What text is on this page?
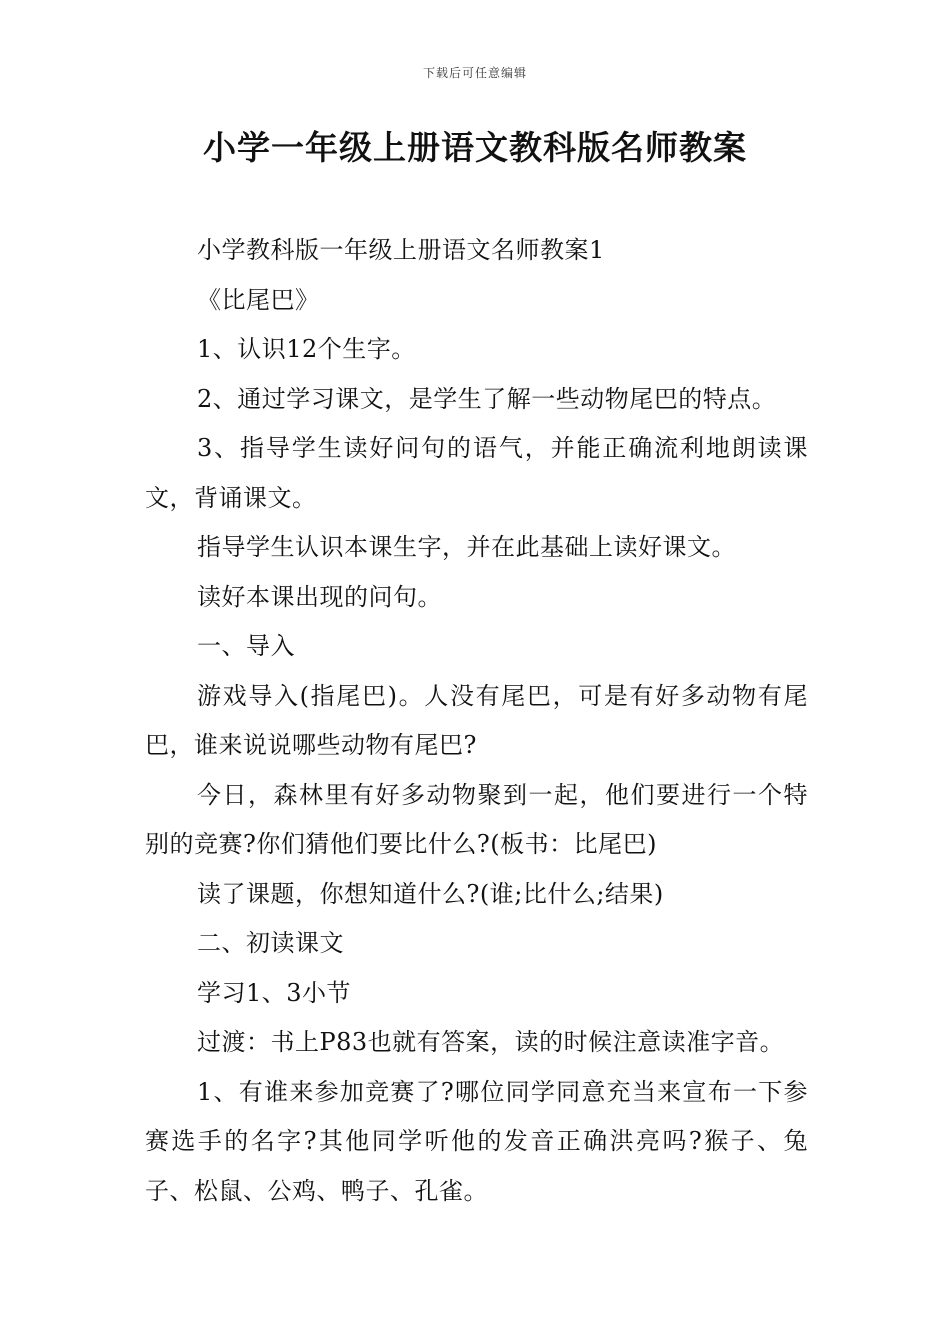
下载后可任意编辑
小学一年级上册语文教科版名师教案

小学教科版一年级上册语文名师教案1

《比尾巴》

1、认识12个生字。

2、通过学习课文，是学生了解一些动物尾巴的特点。

3、指导学生读好问句的语气，并能正确流利地朗读课文，背诵课文。

指导学生认识本课生字，并在此基础上读好课文。

读好本课出现的问句。

一、导入

游戏导入(指尾巴)。人没有尾巴，可是有好多动物有尾巴，谁来说说哪些动物有尾巴?

今日，森林里有好多动物聚到一起，他们要进行一个特别的竞赛?你们猜他们要比什么?(板书：比尾巴)

读了课题，你想知道什么?(谁;比什么;结果)

二、初读课文

学习1、3小节

过渡：书上P83也就有答案，读的时候注意读准字音。

1、有谁来参加竞赛了?哪位同学同意充当来宣布一下参赛选手的名字?其他同学听他的发音正确洪亮吗?猴子、兔子、松鼠、公鸡、鸭子、孔雀。
